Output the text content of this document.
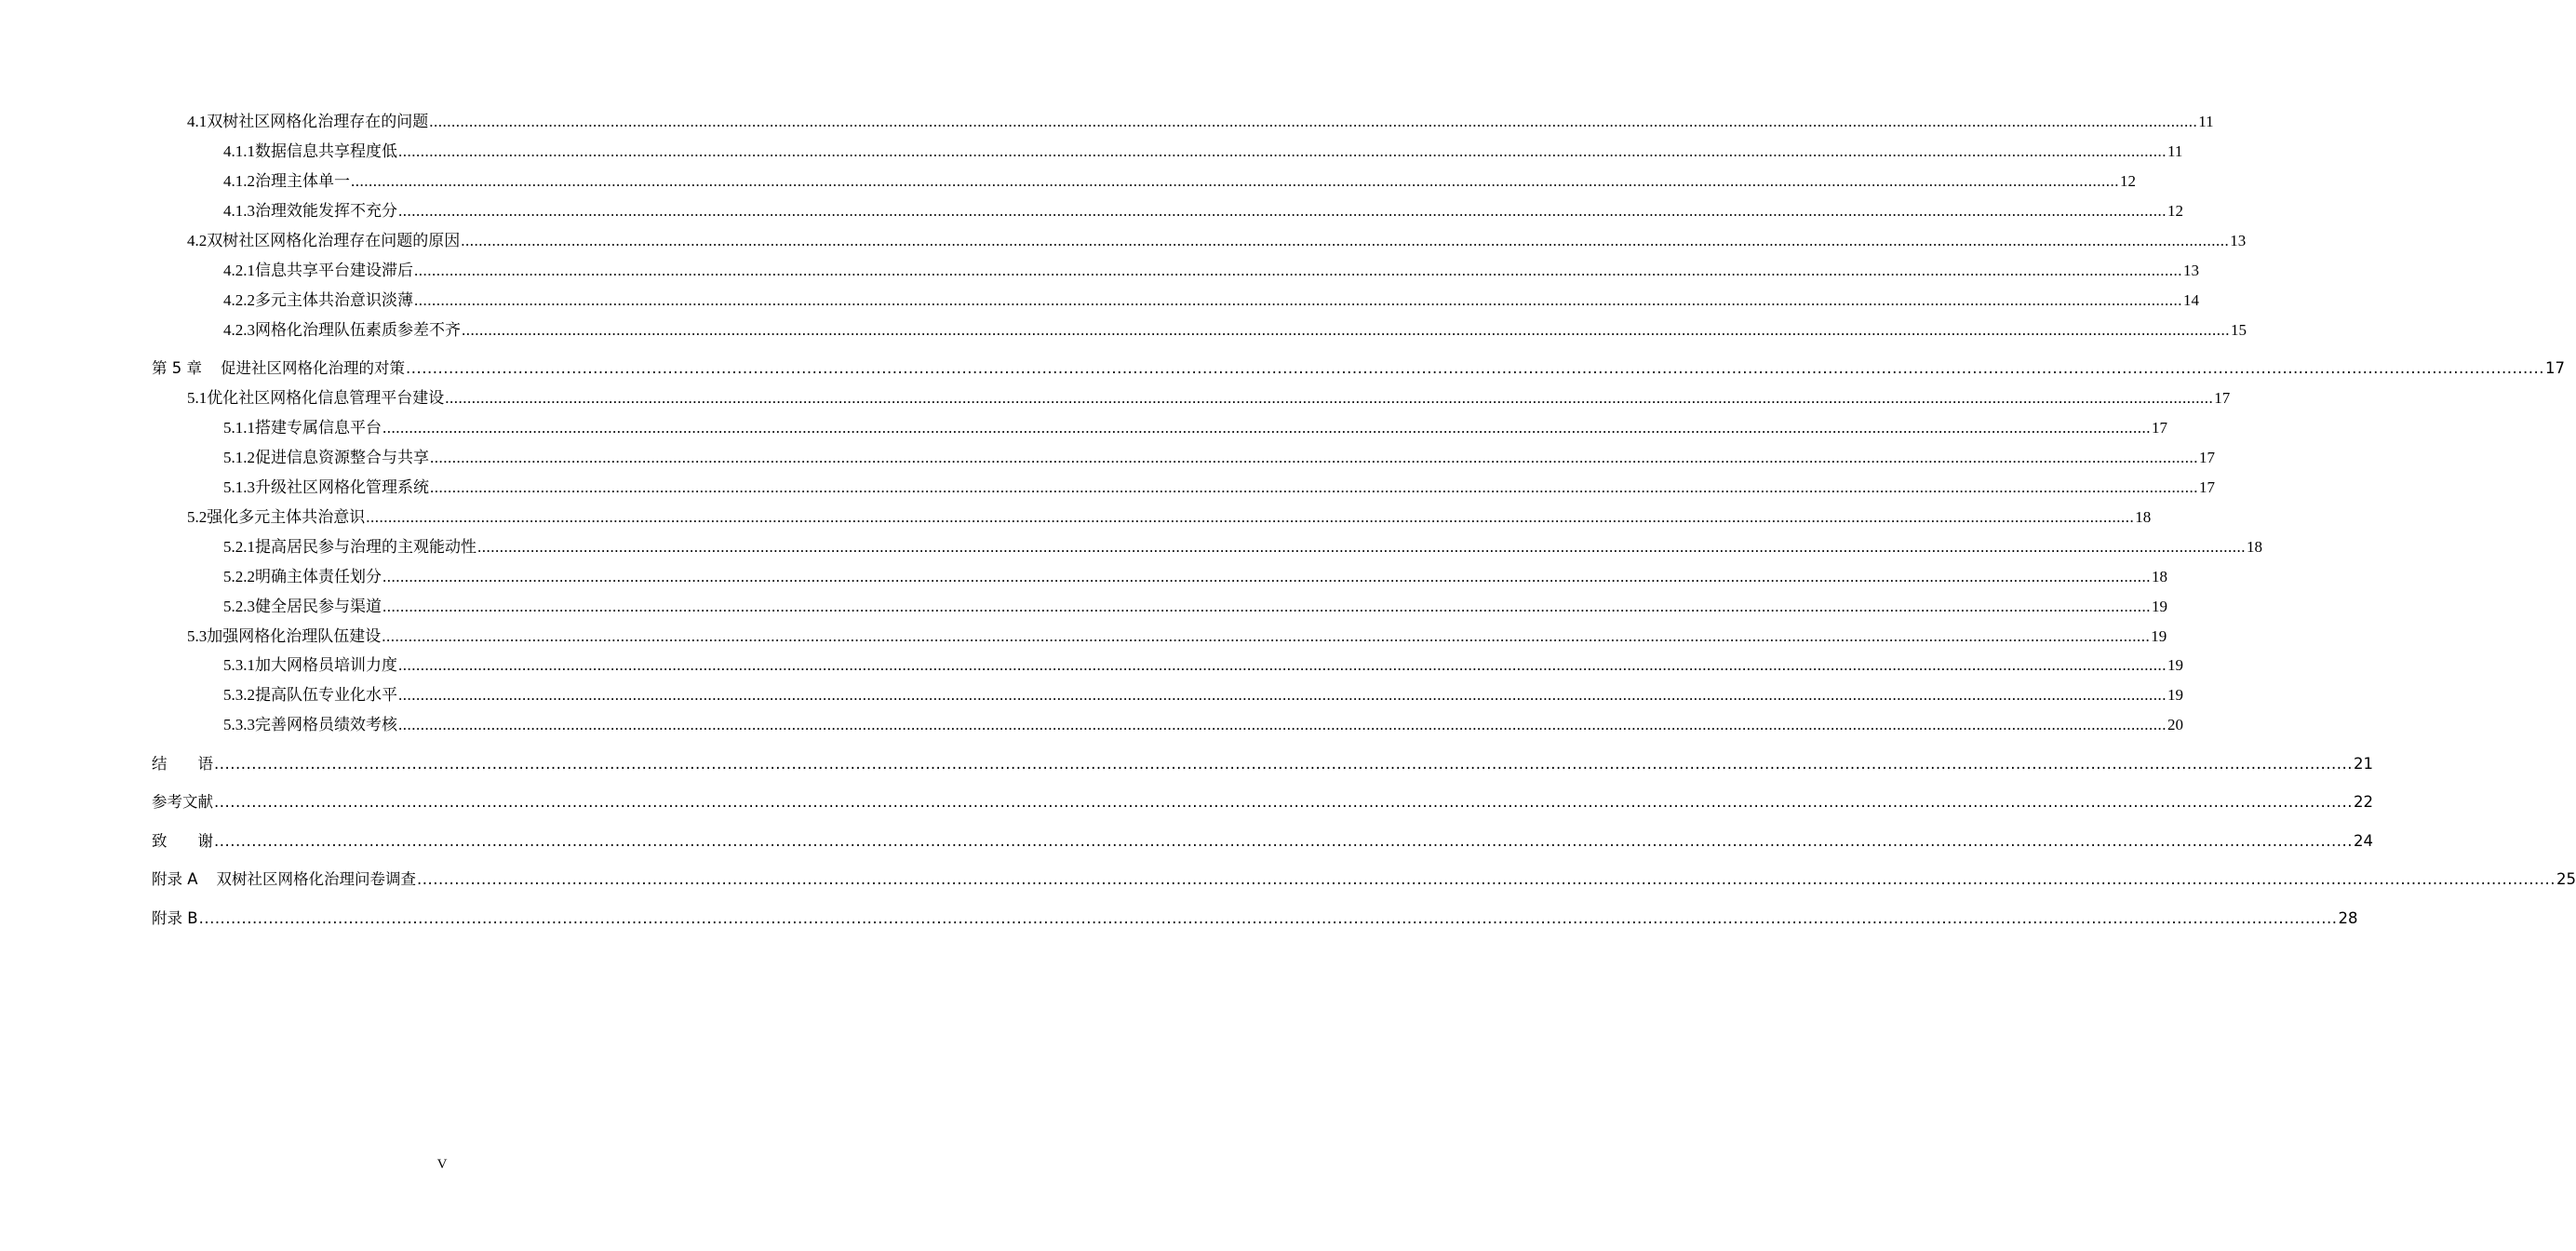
4.1 双树社区网格化治理存在的问题 ................................................................................................................................................................................................................................................................................................................................................................................................................ 11
4.1.1 数据信息共享程度低 ................................................................................................................................................................................................................................................................................................................................................................................................................ 11
4.1.2 治理主体单一 ................................................................................................................................................................................................................................................................................................................................................................................................................ 12
4.1.3 治理效能发挥不充分 ................................................................................................................................................................................................................................................................................................................................................................................................................ 12
4.2 双树社区网格化治理存在问题的原因 ................................................................................................................................................................................................................................................................................................................................................................................................................ 13
4.2.1 信息共享平台建设滞后 ................................................................................................................................................................................................................................................................................................................................................................................................................ 13
4.2.2 多元主体共治意识淡薄 ................................................................................................................................................................................................................................................................................................................................................................................................................ 14
4.2.3 网格化治理队伍素质参差不齐 ................................................................................................................................................................................................................................................................................................................................................................................................................ 15
第 5 章 促进社区网格化治理的对策 ................................................................................................................................................................................................................................................................................................................................................................................................................ 17
5.1 优化社区网格化信息管理平台建设 ................................................................................................................................................................................................................................................................................................................................................................................................................ 17
5.1.1 搭建专属信息平台 ................................................................................................................................................................................................................................................................................................................................................................................................................ 17
5.1.2 促进信息资源整合与共享 ................................................................................................................................................................................................................................................................................................................................................................................................................ 17
5.1.3 升级社区网格化管理系统 ................................................................................................................................................................................................................................................................................................................................................................................................................ 17
5.2 强化多元主体共治意识 ................................................................................................................................................................................................................................................................................................................................................................................................................ 18
5.2.1 提高居民参与治理的主观能动性 ................................................................................................................................................................................................................................................................................................................................................................................................................ 18
5.2.2 明确主体责任划分 ................................................................................................................................................................................................................................................................................................................................................................................................................ 18
5.2.3 健全居民参与渠道 ................................................................................................................................................................................................................................................................................................................................................................................................................ 19
5.3 加强网格化治理队伍建设 ................................................................................................................................................................................................................................................................................................................................................................................................................ 19
5.3.1 加大网格员培训力度 ................................................................................................................................................................................................................................................................................................................................................................................................................ 19
5.3.2 提高队伍专业化水平 ................................................................................................................................................................................................................................................................................................................................................................................................................ 19
5.3.3 完善网格员绩效考核 ................................................................................................................................................................................................................................................................................................................................................................................................................ 20
结　　语 ................................................................................................................................................................................................................................................................................................................................................................................................................ 21
参考文献 ................................................................................................................................................................................................................................................................................................................................................................................................................ 22
致　　谢 ................................................................................................................................................................................................................................................................................................................................................................................................................ 24
附录 A 双树社区网格化治理问卷调查 ................................................................................................................................................................................................................................................................................................................................................................................................................ 25
附录 B ................................................................................................................................................................................................................................................................................................................................................................................................................ 28
V
